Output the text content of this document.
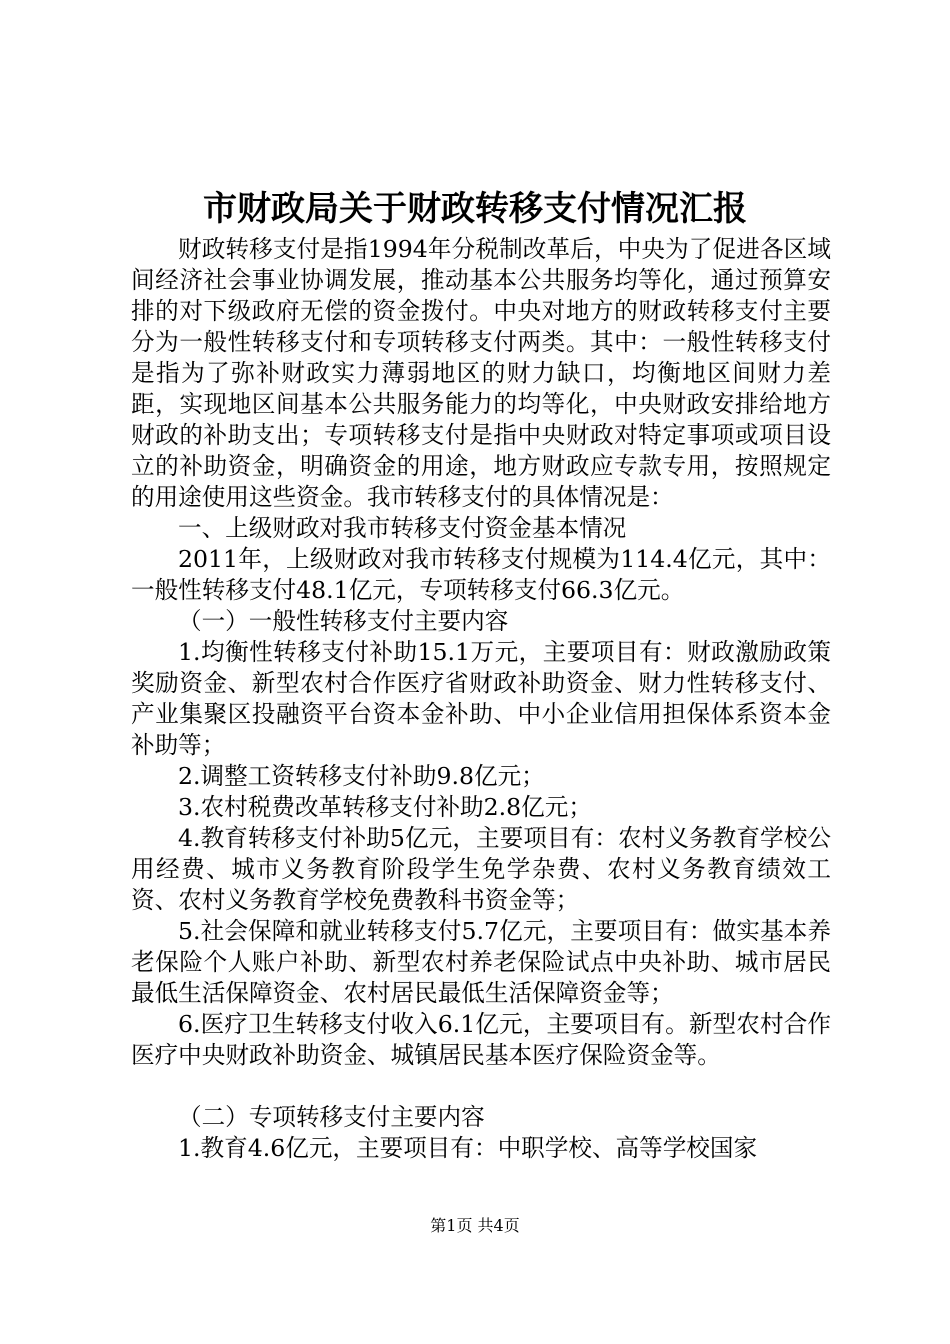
市财政局关于财政转移支付情况汇报

财政转移支付是指1994年分税制改革后，中央为了促进各区域间经济社会事业协调发展，推动基本公共服务均等化，通过预算安排的对下级政府无偿的资金拨付。中央对地方的财政转移支付主要分为一般性转移支付和专项转移支付两类。其中：一般性转移支付是指为了弥补财政实力薄弱地区的财力缺口，均衡地区间财力差距，实现地区间基本公共服务能力的均等化，中央财政安排给地方财政的补助支出；专项转移支付是指中央财政对特定事项或项目设立的补助资金，明确资金的用途，地方财政应专款专用，按照规定的用途使用这些资金。我市转移支付的具体情况是：

一、上级财政对我市转移支付资金基本情况

2011年，上级财政对我市转移支付规模为114.4亿元，其中：一般性转移支付48.1亿元，专项转移支付66.3亿元。

（一）一般性转移支付主要内容

1.均衡性转移支付补助15.1万元，主要项目有：财政激励政策奖励资金、新型农村合作医疗省财政补助资金、财力性转移支付、产业集聚区投融资平台资本金补助、中小企业信用担保体系资本金补助等；

2.调整工资转移支付补助9.8亿元；

3.农村税费改革转移支付补助2.8亿元；

4.教育转移支付补助5亿元，主要项目有：农村义务教育学校公用经费、城市义务教育阶段学生免学杂费、农村义务教育绩效工资、农村义务教育学校免费教科书资金等；

5.社会保障和就业转移支付5.7亿元，主要项目有：做实基本养老保险个人账户补助、新型农村养老保险试点中央补助、城市居民最低生活保障资金、农村居民最低生活保障资金等；

6.医疗卫生转移支付收入6.1亿元，主要项目有。新型农村合作医疗中央财政补助资金、城镇居民基本医疗保险资金等。

（二）专项转移支付主要内容

1.教育4.6亿元，主要项目有：中职学校、高等学校国家

第1页 共4页
